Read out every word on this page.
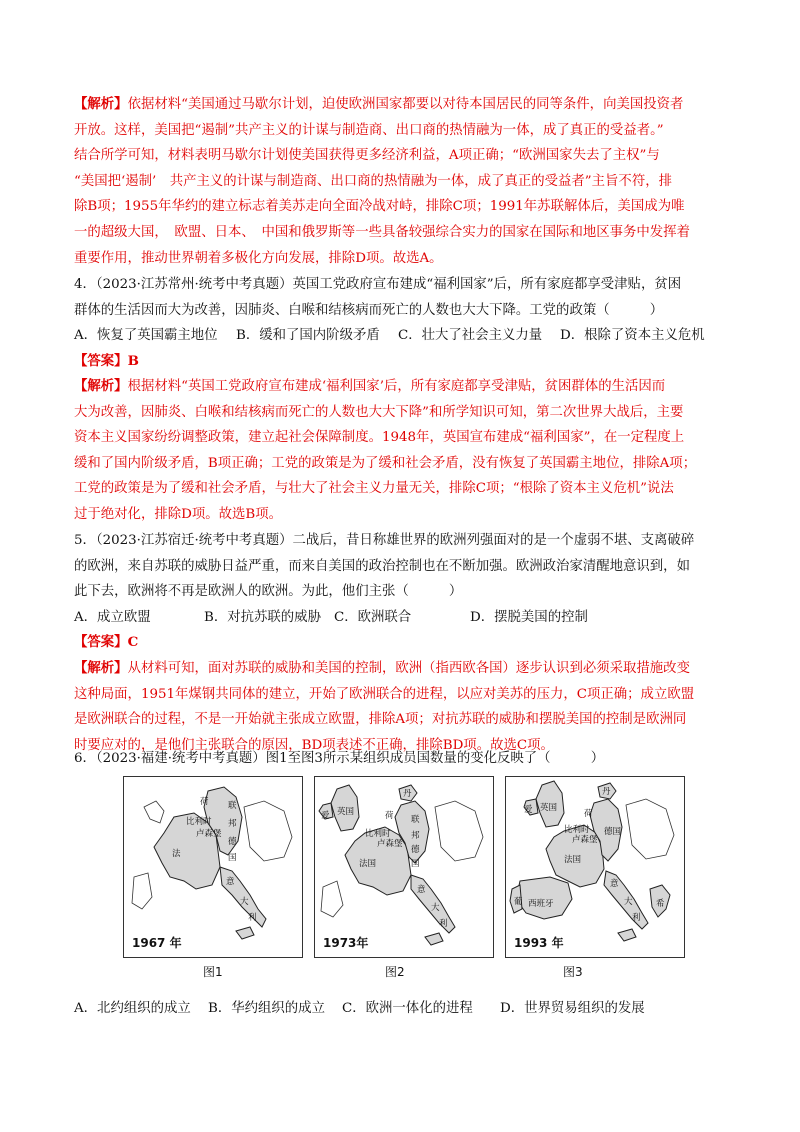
【解析】依据材料“美国通过马歇尔计划，迫使欧洲国家都要以对待本国居民的同等条件，向美国投资者

开放。这样，美国把“遏制”共产主义的计谋与制造商、出口商的热情融为一体，成了真正的受益者。”

结合所学可知，材料表明马歇尔计划使美国获得更多经济利益，A项正确；“欧洲国家失去了主权”与

“美国把‘遏制’　共产主义的计谋与制造商、出口商的热情融为一体，成了真正的受益者”主旨不符，排

除B项；1955年华约的建立标志着美苏走向全面冷战对峙，排除C项；1991年苏联解体后，美国成为唯

一的超级大国，　欧盟、日本、　中国和俄罗斯等一些具备较强综合实力的国家在国际和地区事务中发挥着

重要作用，推动世界朝着多极化方向发展，排除D项。故选A。

4．（2023·江苏常州·统考中考真题）英国工党政府宣布建成“福利国家”后，所有家庭都享受津贴，贫困

群体的生活因而大为改善，因肺炎、白喉和结核病而死亡的人数也大大下降。工党的政策（　　　）

A．恢复了英国霸主地位 B．缓和了国内阶级矛盾 C．壮大了社会主义力量 D．根除了资本主义危机

【答案】B

【解析】根据材料“英国工党政府宣布建成‘福利国家’后，所有家庭都享受津贴，贫困群体的生活因而

大为改善，因肺炎、白喉和结核病而死亡的人数也大大下降”和所学知识可知，第二次世界大战后，主要

资本主义国家纷纷调整政策，建立起社会保障制度。1948年，英国宣布建成“福利国家”，在一定程度上

缓和了国内阶级矛盾，B项正确；工党的政策是为了缓和社会矛盾，没有恢复了英国霸主地位，排除A项；

工党的政策是为了缓和社会矛盾，与壮大了社会主义力量无关，排除C项；“根除了资本主义危机”说法

过于绝对化，排除D项。故选B项。

5．（2023·江苏宿迁·统考中考真题）二战后，昔日称雄世界的欧洲列强面对的是一个虚弱不堪、支离破碎

的欧洲，来自苏联的威胁日益严重，而来自美国的政治控制也在不断加强。欧洲政治家清醒地意识到，如

此下去，欧洲将不再是欧洲人的欧洲。为此，他们主张（　　　）

A．成立欧盟	B．对抗苏联的威胁 C．欧洲联合	D．摆脱美国的控制

【答案】C

【解析】从材料可知，面对苏联的威胁和美国的控制，欧洲（指西欧各国）逐步认识到必须采取措施改变

这种局面，1951年煤钢共同体的建立，开始了欧洲联合的进程，以应对美苏的压力，C项正确；成立欧盟

是欧洲联合的过程，不是一开始就主张成立欧盟，排除A项；对抗苏联的威胁和摆脱美国的控制是欧洲同

时要应对的，是他们主张联合的原因，BD项表述不正确，排除BD项。故选C项。

6．（2023·福建·统考中考真题）图1至图3所示某组织成员国数量的变化反映了（　　　）

荷 联
比利时
卢森堡
邦
德
法	国
意
大
利
1967 年
图1
英国
爱	荷
丹
比利时
卢森堡
联
邦
德
法国	国
意
大
利
1973年
图2
英国
爱	荷
丹
比利时
卢森堡
德国
法国
葡 西班牙
意
大
利
希
1993 年
图3

A．北约组织的成立 B．华约组织的成立 C．欧洲一体化的进程 D．世界贸易组织的发展
